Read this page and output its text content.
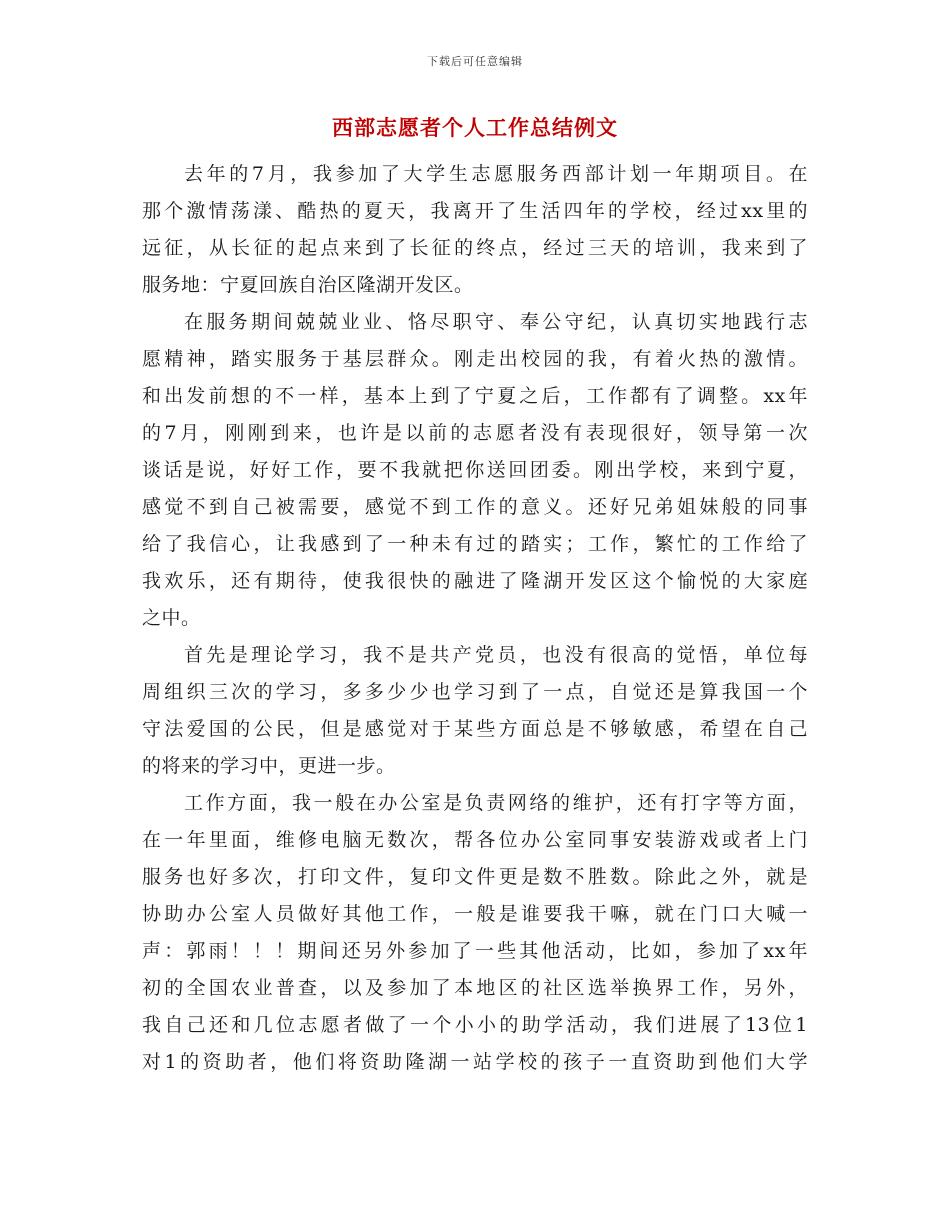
下载后可任意编辑
西部志愿者个人工作总结例文
去年的7月，我参加了大学生志愿服务西部计划一年期项目。在
那个激情荡漾、酷热的夏天，我离开了生活四年的学校，经过xx里的
远征，从长征的起点来到了长征的终点，经过三天的培训，我来到了
服务地：宁夏回族自治区隆湖开发区。
在服务期间兢兢业业、恪尽职守、奉公守纪，认真切实地践行志
愿精神，踏实服务于基层群众。刚走出校园的我，有着火热的激情。
和出发前想的不一样，基本上到了宁夏之后，工作都有了调整。xx年
的7月，刚刚到来，也许是以前的志愿者没有表现很好，领导第一次
谈话是说，好好工作，要不我就把你送回团委。刚出学校，来到宁夏，
感觉不到自己被需要，感觉不到工作的意义。还好兄弟姐妹般的同事
给了我信心，让我感到了一种未有过的踏实；工作，繁忙的工作给了
我欢乐，还有期待，使我很快的融进了隆湖开发区这个愉悦的大家庭
之中。
首先是理论学习，我不是共产党员，也没有很高的觉悟，单位每
周组织三次的学习，多多少少也学习到了一点，自觉还是算我国一个
守法爱国的公民，但是感觉对于某些方面总是不够敏感，希望在自己
的将来的学习中，更进一步。
工作方面，我一般在办公室是负责网络的维护，还有打字等方面，
在一年里面，维修电脑无数次，帮各位办公室同事安装游戏或者上门
服务也好多次，打印文件，复印文件更是数不胜数。除此之外，就是
协助办公室人员做好其他工作，一般是谁要我干嘛，就在门口大喊一
声：郭雨！！！期间还另外参加了一些其他活动，比如，参加了xx年
初的全国农业普查，以及参加了本地区的社区选举换界工作，另外，
我自己还和几位志愿者做了一个小小的助学活动，我们进展了13位1
对1的资助者，他们将资助隆湖一站学校的孩子一直资助到他们大学
